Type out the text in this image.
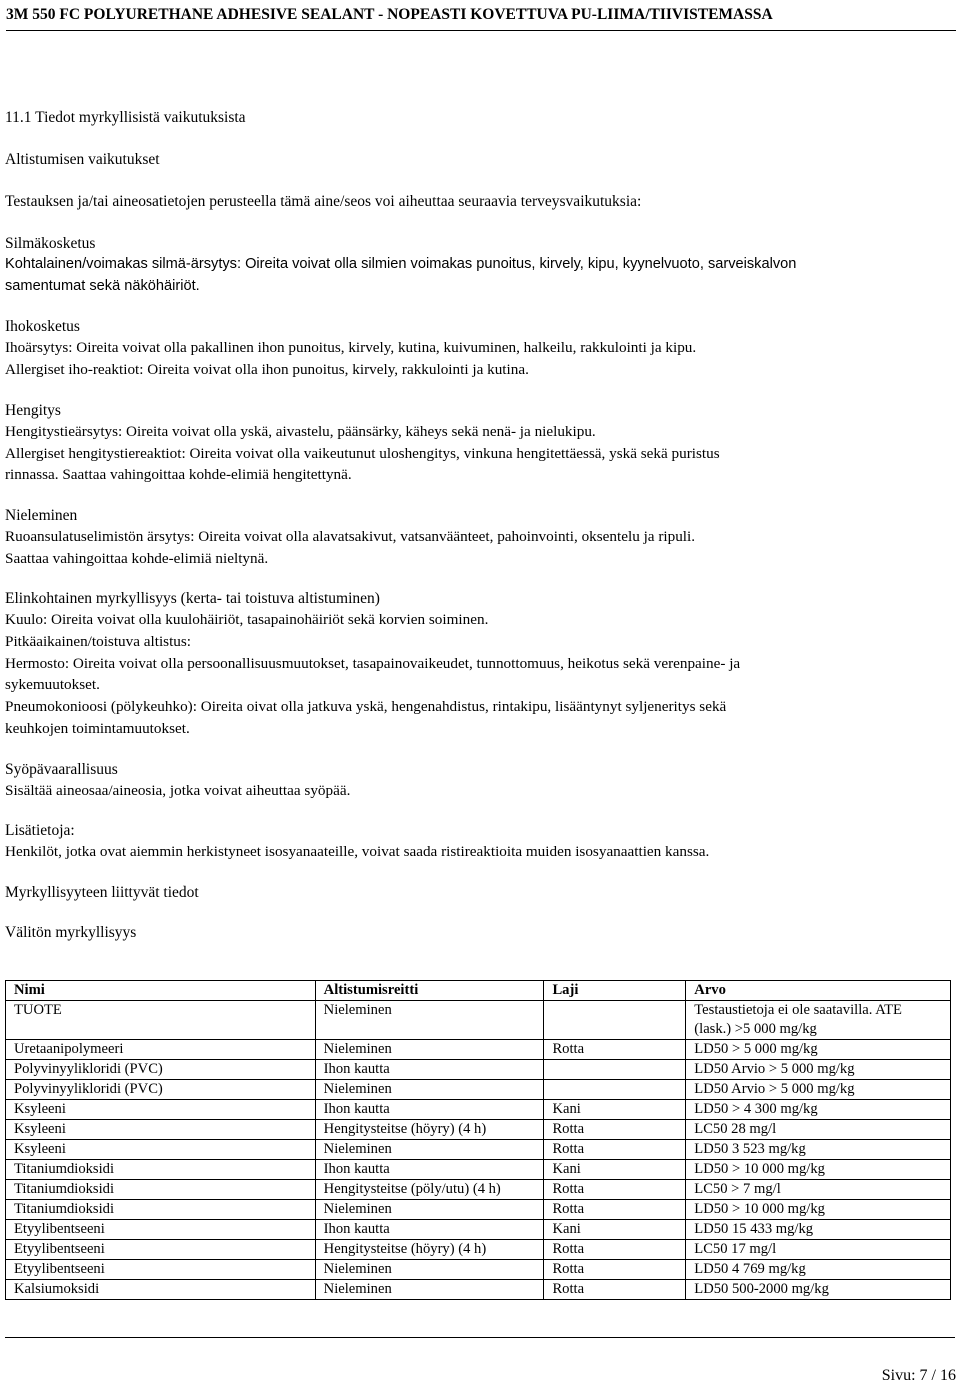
3M 550 FC POLYURETHANE ADHESIVE SEALANT - NOPEASTI KOVETTUVA PU-LIIMA/TIIVISTEMASSA
11.1 Tiedot myrkyllisistä vaikutuksista
Altistumisen vaikutukset
Testauksen ja/tai aineosatietojen perusteella tämä aine/seos voi aiheuttaa seuraavia terveysvaikutuksia:
Silmäkosketus
Kohtalainen/voimakas silmä-ärsytys: Oireita voivat olla silmien voimakas punoitus, kirvely, kipu, kyynelvuoto, sarveiskalvon
samentumat sekä näköhäiriöt.
Ihokosketus
Ihoärsytys: Oireita voivat olla pakallinen ihon punoitus, kirvely, kutina, kuivuminen, halkeilu, rakkulointi ja kipu.
Allergiset iho-reaktiot: Oireita voivat olla ihon punoitus, kirvely, rakkulointi ja kutina.
Hengitys
Hengitystieärsytys: Oireita voivat olla yskä, aivastelu, päänsärky, käheys sekä nenä- ja nielukipu.
Allergiset hengitystiereaktiot: Oireita voivat olla vaikeutunut uloshengitys, vinkuna hengitettäessä, yskä sekä puristus
rinnassa. Saattaa vahingoittaa kohde-elimiä hengitettynä.
Nieleminen
Ruoansulatuselimistön ärsytys: Oireita voivat olla alavatsakivut, vatsanväänteet, pahoinvointi, oksentelu ja ripuli.
Saattaa vahingoittaa kohde-elimiä nieltynä.
Elinkohtainen myrkyllisyys (kerta- tai toistuva altistuminen)
Kuulo: Oireita voivat olla kuulohäiriöt, tasapainohäiriöt sekä korvien soiminen.
Pitkäaikainen/toistuva altistus:
Hermosto: Oireita voivat olla persoonallisuusmuutokset, tasapainovaikeudet, tunnottomuus, heikotus sekä verenpaine- ja
sykemuutokset.
Pneumokonioosi (pölykeuhko): Oireita oivat olla jatkuva yskä, hengenahdistus, rintakipu, lisääntynyt syljeneritys sekä
keuhkojen toimintamuutokset.
Syöpävaarallisuus
Sisältää aineosaa/aineosia, jotka voivat aiheuttaa syöpää.
Lisätietoja:
Henkilöt, jotka ovat aiemmin herkistyneet isosyanaateille, voivat saada ristireaktioita muiden isosyanaattien kanssa.
Myrkyllisyyteen liittyvät tiedot
Välitön myrkyllisyys
Nimi	Altistumisreitti	Laji	Arvo
TUOTE	Nieleminen		Testaustietoja ei ole saatavilla. ATE (lask.) >5 000 mg/kg
Uretaanipolymeeri	Nieleminen	Rotta	LD50 > 5 000 mg/kg
Polyvinyylikloridi (PVC)	Ihon kautta		LD50 Arvio > 5 000 mg/kg
Polyvinyylikloridi (PVC)	Nieleminen		LD50 Arvio > 5 000 mg/kg
Ksyleeni	Ihon kautta	Kani	LD50 > 4 300 mg/kg
Ksyleeni	Hengitysteitse (höyry) (4 h)	Rotta	LC50 28 mg/l
Ksyleeni	Nieleminen	Rotta	LD50 3 523 mg/kg
Titaniumdioksidi	Ihon kautta	Kani	LD50 > 10 000 mg/kg
Titaniumdioksidi	Hengitysteitse (pöly/utu) (4 h)	Rotta	LC50 > 7 mg/l
Titaniumdioksidi	Nieleminen	Rotta	LD50 > 10 000 mg/kg
Etyylibentseeni	Ihon kautta	Kani	LD50 15 433 mg/kg
Etyylibentseeni	Hengitysteitse (höyry) (4 h)	Rotta	LC50 17 mg/l
Etyylibentseeni	Nieleminen	Rotta	LD50 4 769 mg/kg
Kalsiumoksidi	Nieleminen	Rotta	LD50 500-2000 mg/kg
Sivu: 7 / 16
